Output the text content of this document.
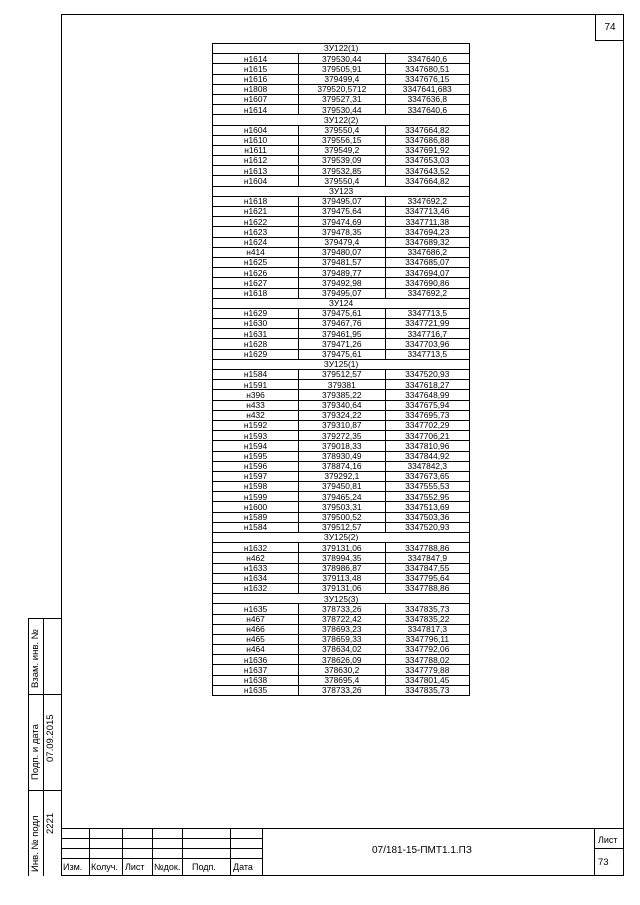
74
ЗУ122(1)		
н1614	379530,44	3347640,6
н1615	379505,91	3347680,51
н1616	379499,4	3347676,15
н1808	379520,5712	3347641,683
н1607	379527,31	3347636,8
н1614	379530,44	3347640,6
ЗУ122(2)		
н1604	379550,4	3347664,82
н1610	379556,15	3347686,88
н1611	379549,2	3347691,92
н1612	379539,09	3347653,03
н1613	379532,85	3347643,52
н1604	379550,4	3347664,82
ЗУ123		
н1618	379495,07	3347692,2
н1621	379475,64	3347713,46
н1622	379474,69	3347711,38
н1623	379478,35	3347694,23
н1624	379479,4	3347689,32
н414	379480,07	3347686,2
н1625	379481,57	3347685,07
н1626	379489,77	3347694,07
н1627	379492,98	3347690,86
н1618	379495,07	3347692,2
ЗУ124		
н1629	379475,61	3347713,5
н1630	379467,76	3347721,99
н1631	379461,95	3347716,7
н1628	379471,26	3347703,96
н1629	379475,61	3347713,5
ЗУ125(1)		
н1584	379512,57	3347520,93
н1591	379381	3347618,27
н396	379385,22	3347648,99
н433	379340,64	3347675,94
н432	379324,22	3347695,73
н1592	379310,87	3347702,29
н1593	379272,35	3347706,21
н1594	379018,33	3347810,96
н1595	378930,49	3347844,92
н1596	378874,16	3347842,3
н1597	379292,1	3347673,65
н1598	379450,81	3347555,53
н1599	379465,24	3347552,95
н1600	379503,31	3347513,69
н1589	379500,52	3347503,36
н1584	379512,57	3347520,93
ЗУ125(2)		
н1632	379131,06	3347788,86
н462	378994,35	3347847,9
н1633	378986,87	3347847,55
н1634	379113,48	3347795,64
н1632	379131,06	3347788,86
ЗУ125(3)		
н1635	378733,26	3347835,73
н467	378722,42	3347835,22
н466	378693,23	3347817,3
н465	378659,33	3347796,11
н464	378634,02	3347792,06
н1636	378626,09	3347788,02
н1637	378630,2	3347779,88
н1638	378695,4	3347801,45
н1635	378733,26	3347835,73
Взам. инв. №
Подп. и дата 07.09.2015
Инв. № подл 2221
Изм. Колуч. Лист №док. Подп. Дата
07/181-15-ПМТ1.1.ПЗ
Лист
73
